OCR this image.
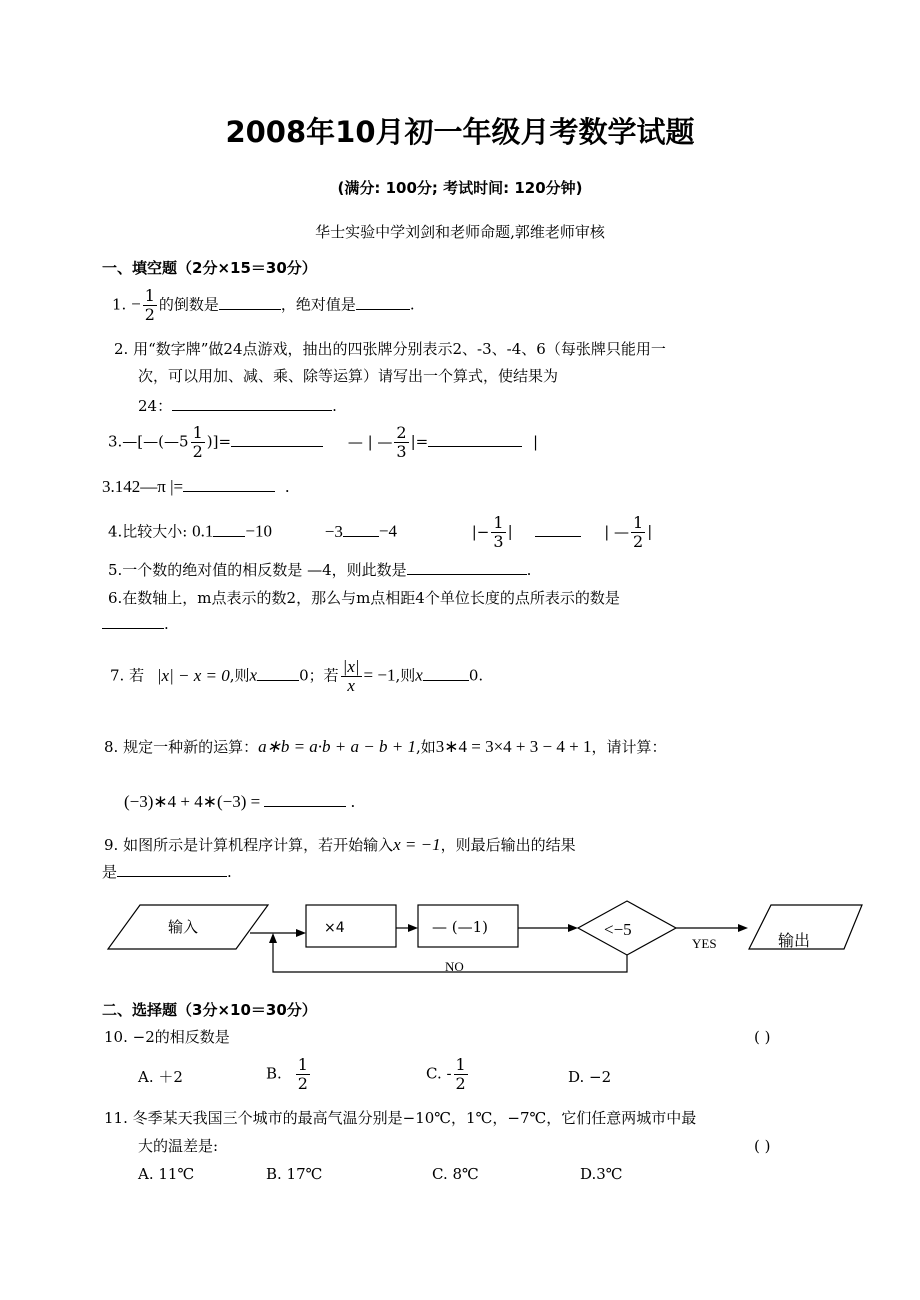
2008年10月初一年级月考数学试题
(满分: 100分; 考试时间: 120分钟)
华士实验中学刘剑和老师命题,郭维老师审核
一、填空题（2分×15＝30分）
1. − $\frac{1}{2}$ 的倒数是	，绝对值是	.
2. 用“数字牌”做24点游戏，抽出的四张牌分别表示2、-3、-4、6（每张牌只能用一
次，可以用加、减、乘、除等运算）请写出一个算式，使结果为
24：	.
3.—[—(—5 $\frac{1}{2}$ )]=	— | — $\frac{2}{3}$ |=	|
3.142—π |=	.
4.比较大小: 0.1 −10	−3 −4	|− $\frac{1}{3}$ |	| — $\frac{1}{2}$ |
5.一个数的绝对值的相反数是 —4，则此数是	.
6.在数轴上，m点表示的数2，那么与m点相距4个单位长度的点所表示的数是
.
7. 若 |x| − x = 0,则x	0；若 $\frac{|x|}{x} = -1$,则x	0.
8. 规定一种新的运算：a∗b = a·b + a − b + 1,如3∗4 = 3×4 + 3 − 4 + 1，请计算：
(−3)∗4 + 4∗(−3) =	.
9. 如图所示是计算机程序计算，若开始输入x = −1，则最后输出的结果
是	.
输入	×4	— (—1)	<−5
YES
NO
输出
二、选择题（3分×10＝30分）
10. −2的相反数是	( )
A. ＋2	B. $\frac{1}{2}$	C. - $\frac{1}{2}$	D. −2
11. 冬季某天我国三个城市的最高气温分别是−10℃，1℃，−7℃，它们任意两城市中最
大的温差是:	( )
A. 11℃	B. 17℃	C. 8℃	D.3℃
